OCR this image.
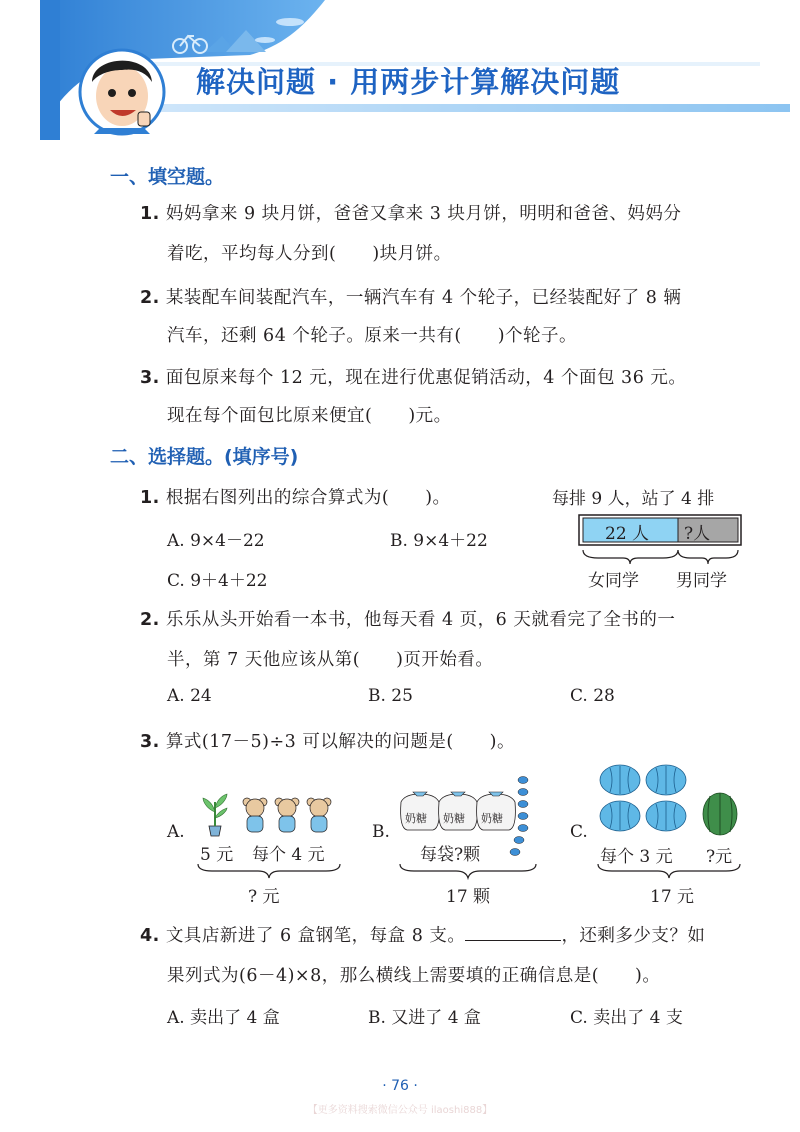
解决问题 · 用两步计算解决问题
一、填空题。
1. 妈妈拿来 9 块月饼，爸爸又拿来 3 块月饼，明明和爸爸、妈妈分
着吃，平均每人分到(　　)块月饼。
2. 某装配车间装配汽车，一辆汽车有 4 个轮子，已经装配好了 8 辆
汽车，还剩 64 个轮子。原来一共有(　　)个轮子。
3. 面包原来每个 12 元，现在进行优惠促销活动，4 个面包 36 元。
现在每个面包比原来便宜(　　)元。
二、选择题。(填序号)
1. 根据右图列出的综合算式为(　　)。
A. 9×4－22	B. 9×4＋22
C. 9＋4＋22
每排 9 人，站了 4 排
22 人 ?人
女同学 男同学
2. 乐乐从头开始看一本书，他每天看 4 页，6 天就看完了全书的一
半，第 7 天他应该从第(　　)页开始看。
A. 24	B. 25	C. 28
3. 算式(17－5)÷3 可以解决的问题是(　　)。
A.
5 元 每个 4 元
? 元
B.
奶糖 奶糖 奶糖
每袋?颗
17 颗
C.
每个 3 元 ?元
17 元
4. 文具店新进了 6 盒钢笔，每盒 8 支。	，还剩多少支？如
果列式为(6－4)×8，那么横线上需要填的正确信息是(　　)。
A. 卖出了 4 盒	B. 又进了 4 盒	C. 卖出了 4 支
· 76 ·
【更多资料搜索微信公众号 ilaoshi888】
